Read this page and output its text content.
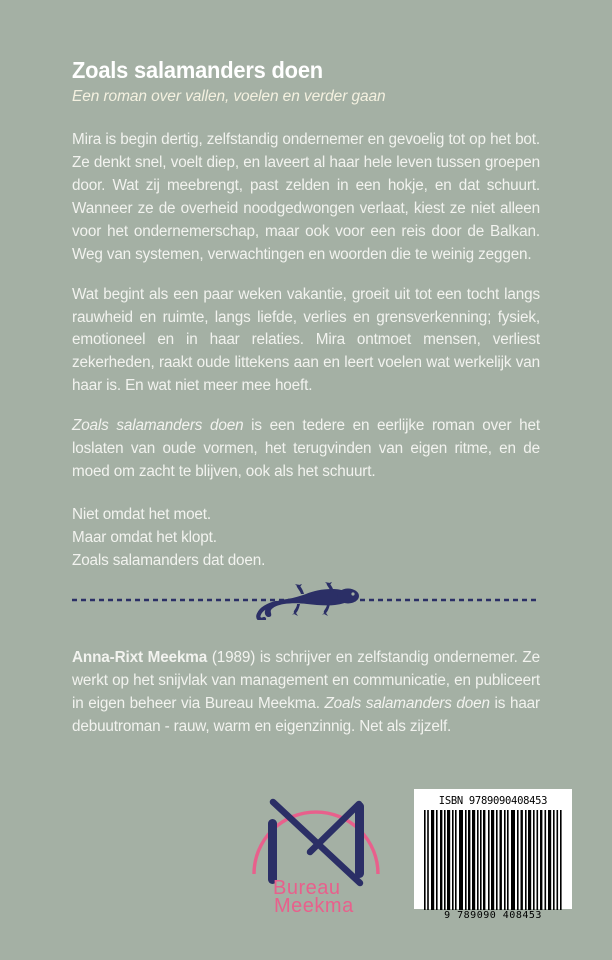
Zoals salamanders doen
Een roman over vallen, voelen en verder gaan

Mira is begin dertig, zelfstandig ondernemer en gevoelig tot op het bot. Ze denkt snel, voelt diep, en laveert al haar hele leven tussen groepen door. Wat zij meebrengt, past zelden in een hokje, en dat schuurt. Wanneer ze de overheid noodgedwongen verlaat, kiest ze niet alleen voor het ondernemerschap, maar ook voor een reis door de Balkan. Weg van systemen, verwachtingen en woorden die te weinig zeggen.

Wat begint als een paar weken vakantie, groeit uit tot een tocht langs rauwheid en ruimte, langs liefde, verlies en grensverkenning; fysiek, emotioneel en in haar relaties. Mira ontmoet mensen, verliest zekerheden, raakt oude littekens aan en leert voelen wat werkelijk van haar is. En wat niet meer mee hoeft.

Zoals salamanders doen is een tedere en eerlijke roman over het loslaten van oude vormen, het terugvinden van eigen ritme, en de moed om zacht te blijven, ook als het schuurt.

Niet omdat het moet.
Maar omdat het klopt.
Zoals salamanders dat doen.

Anna-Rixt Meekma (1989) is schrijver en zelfstandig ondernemer. Ze werkt op het snijvlak van management en communicatie, en publiceert in eigen beheer via Bureau Meekma. Zoals salamanders doen is haar debuutroman - rauw, warm en eigenzinnig. Net als zijzelf.

Bureau
Meekma
ISBN 9789090408453
9 789090 408453
